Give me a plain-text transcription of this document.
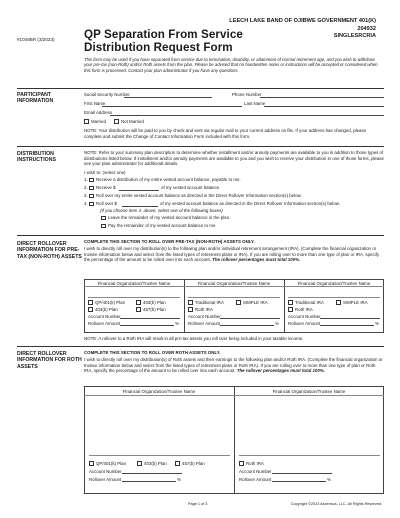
#1048BR (3/2023)	QP Separation From Service
Distribution Request Form
LEECH LAKE BAND OF OJIBWE GOVERNMENT 401(K)
204932
SINGLESRCRIA
This form may be used if you have separated from service due to termination, disability, or attainment of normal retirement age, and you wish to withdraw your pre-tax (non-Roth) and/or Roth assets from the plan. Please be advised that no handwritten notes or instructions will be accepted or considered when this form is processed. Contact your plan administrator if you have any questions.
PARTICIPANT INFORMATION
Social Security Number	Phone Number
First Name	Last Name
Email Address
Married	Not Married
NOTE: Your distribution will be paid to you by check and sent via regular mail to your current address on file. If your address has changed, please complete and submit the Change of Contact Information Form included with this form.
DISTRIBUTION INSTRUCTIONS
NOTE: Refer to your summary plan description to determine whether installment and/or annuity payments are available to you in addition to those types of distributions listed below. If installment and/or annuity payments are available to you and you wish to receive your distribution in one of those forms, please see your plan administrator for additional details.
I wish to: (select one)
1. Receive a distribution of my entire vested account balance, payable to me.
2. Receive $	of my vested account balance.
3. Roll over my entire vested account balance as directed in the Direct Rollover Information section(s) below.
4. Roll over $	of my vested account balance as directed in the Direct Rollover Information section(s) below.
(If you choose Item 4. above, select one of the following boxes)
Leave the remainder of my vested account balance in the plan.
Pay the remainder of my vested account balance to me.
DIRECT ROLLOVER INFORMATION FOR PRE-TAX (NON-ROTH) ASSETS
COMPLETE THIS SECTION TO ROLL OVER PRE-TAX (NON-ROTH) ASSETS ONLY.
I wish to directly roll over my distribution(s) to the following plan and/or individual retirement arrangement (IRA). (Complete the financial organization or trustee information below and select from the listed types of retirement plans or IRA). If you are rolling over to more than one type of plan or IRA, specify the percentage of the amount to be rolled over into each account. The rollover percentages must total 100%.
Financial Organization/Trustee Name	Financial Organization/Trustee Name	Financial Organization/Trustee Name
QP/401(k) Plan	403(b) Plan
403(b) Plan	457(b) Plan
Account Number
Rollover Amount	%
Traditional IRA	SIMPLE IRA
Roth IRA
Account Number
Rollover Amount	%
Traditional IRA	SIMPLE IRA
Roth IRA
Account Number
Rollover Amount	%
NOTE: A rollover to a Roth IRA will result in all pre-tax assets you roll over being included in your taxable income.
DIRECT ROLLOVER INFORMATION FOR ROTH ASSETS
COMPLETE THIS SECTION TO ROLL OVER ROTH ASSETS ONLY.
I wish to directly roll over my distribution(s) of Roth assets and their earnings to the following plan and/or Roth IRA. (Complete the financial organization or trustee information below and select from the listed types of retirement plans or Roth IRA). If you are rolling over to more than one type of plan or Roth IRA, specify the percentage of the amount to be rolled over into each account. The rollover percentages must total 100%.
Financial Organization/Trustee Name	Financial Organization/Trustee Name
QP/401(k) Plan	403(b) Plan	457(b) Plan
Account Number
Rollover Amount	%
Roth IRA
Account Number
Rollover Amount	%
Page 1 of 3	Copyright ©2023 Ascensus, LLC. All Rights Reserved.
